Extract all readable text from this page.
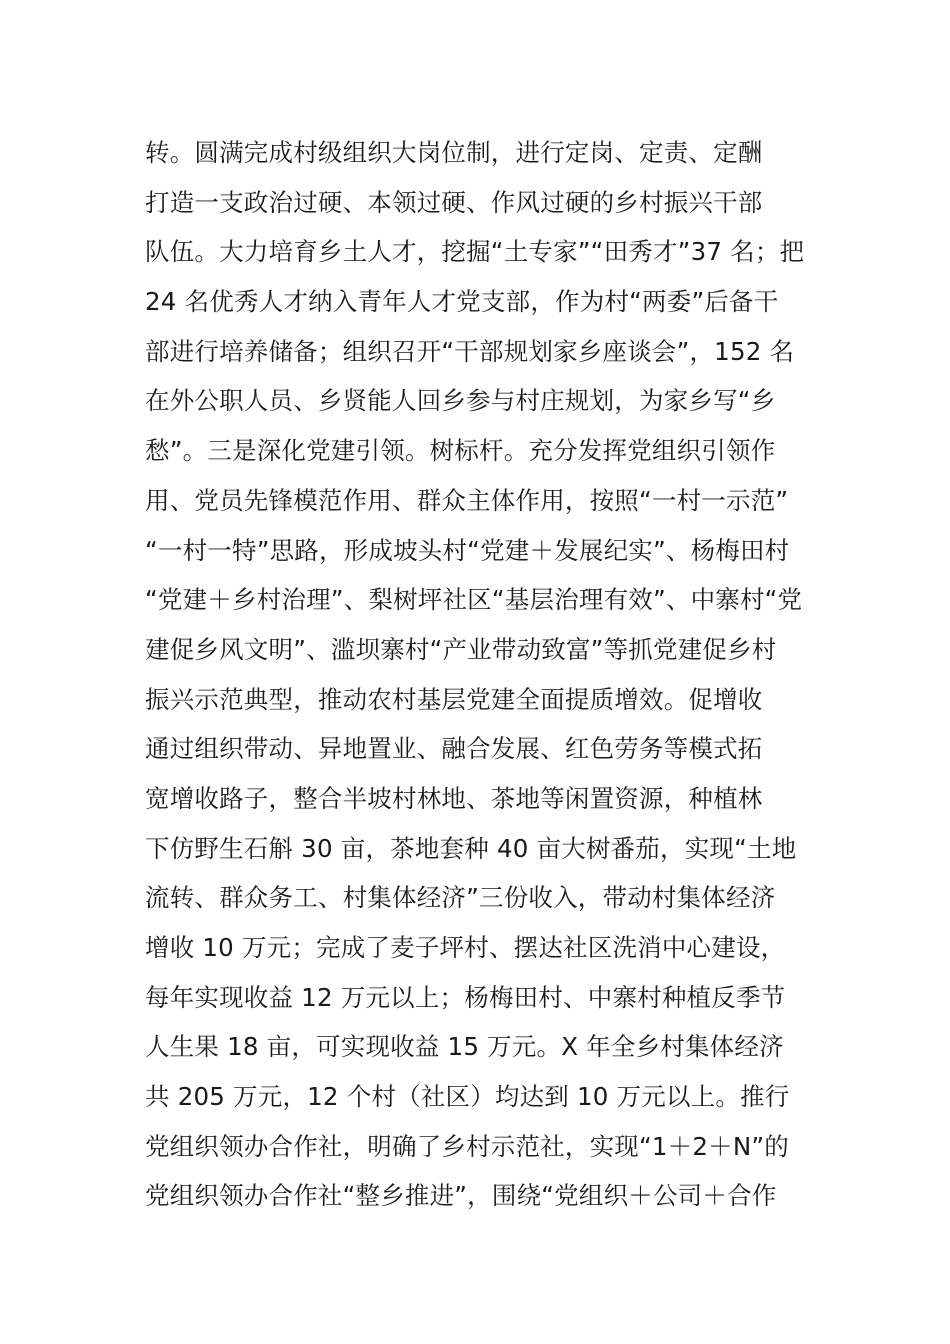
转。圆满完成村级组织大岗位制，进行定岗、定责、定酬
打造一支政治过硬、本领过硬、作风过硬的乡村振兴干部
队伍。大力培育乡土人才，挖掘“土专家”“田秀才”37 名；把
24 名优秀人才纳入青年人才党支部，作为村“两委”后备干
部进行培养储备；组织召开“干部规划家乡座谈会”，152 名
在外公职人员、乡贤能人回乡参与村庄规划，为家乡写“乡
愁”。三是深化党建引领。树标杆。充分发挥党组织引领作
用、党员先锋模范作用、群众主体作用，按照“一村一示范”
“一村一特”思路，形成坡头村“党建＋发展纪实”、杨梅田村
“党建＋乡村治理”、梨树坪社区“基层治理有效”、中寨村“党
建促乡风文明”、滥坝寨村“产业带动致富”等抓党建促乡村
振兴示范典型，推动农村基层党建全面提质增效。促增收
通过组织带动、异地置业、融合发展、红色劳务等模式拓
宽增收路子，整合半坡村林地、茶地等闲置资源，种植林
下仿野生石斛 30 亩，茶地套种 40 亩大树番茄，实现“土地
流转、群众务工、村集体经济”三份收入，带动村集体经济
增收 10 万元；完成了麦子坪村、摆达社区洗消中心建设，
每年实现收益 12 万元以上；杨梅田村、中寨村种植反季节
人生果 18 亩，可实现收益 15 万元。X 年全乡村集体经济
共 205 万元，12 个村（社区）均达到 10 万元以上。推行
党组织领办合作社，明确了乡村示范社，实现“1＋2＋N”的
党组织领办合作社“整乡推进”，围绕“党组织＋公司＋合作
